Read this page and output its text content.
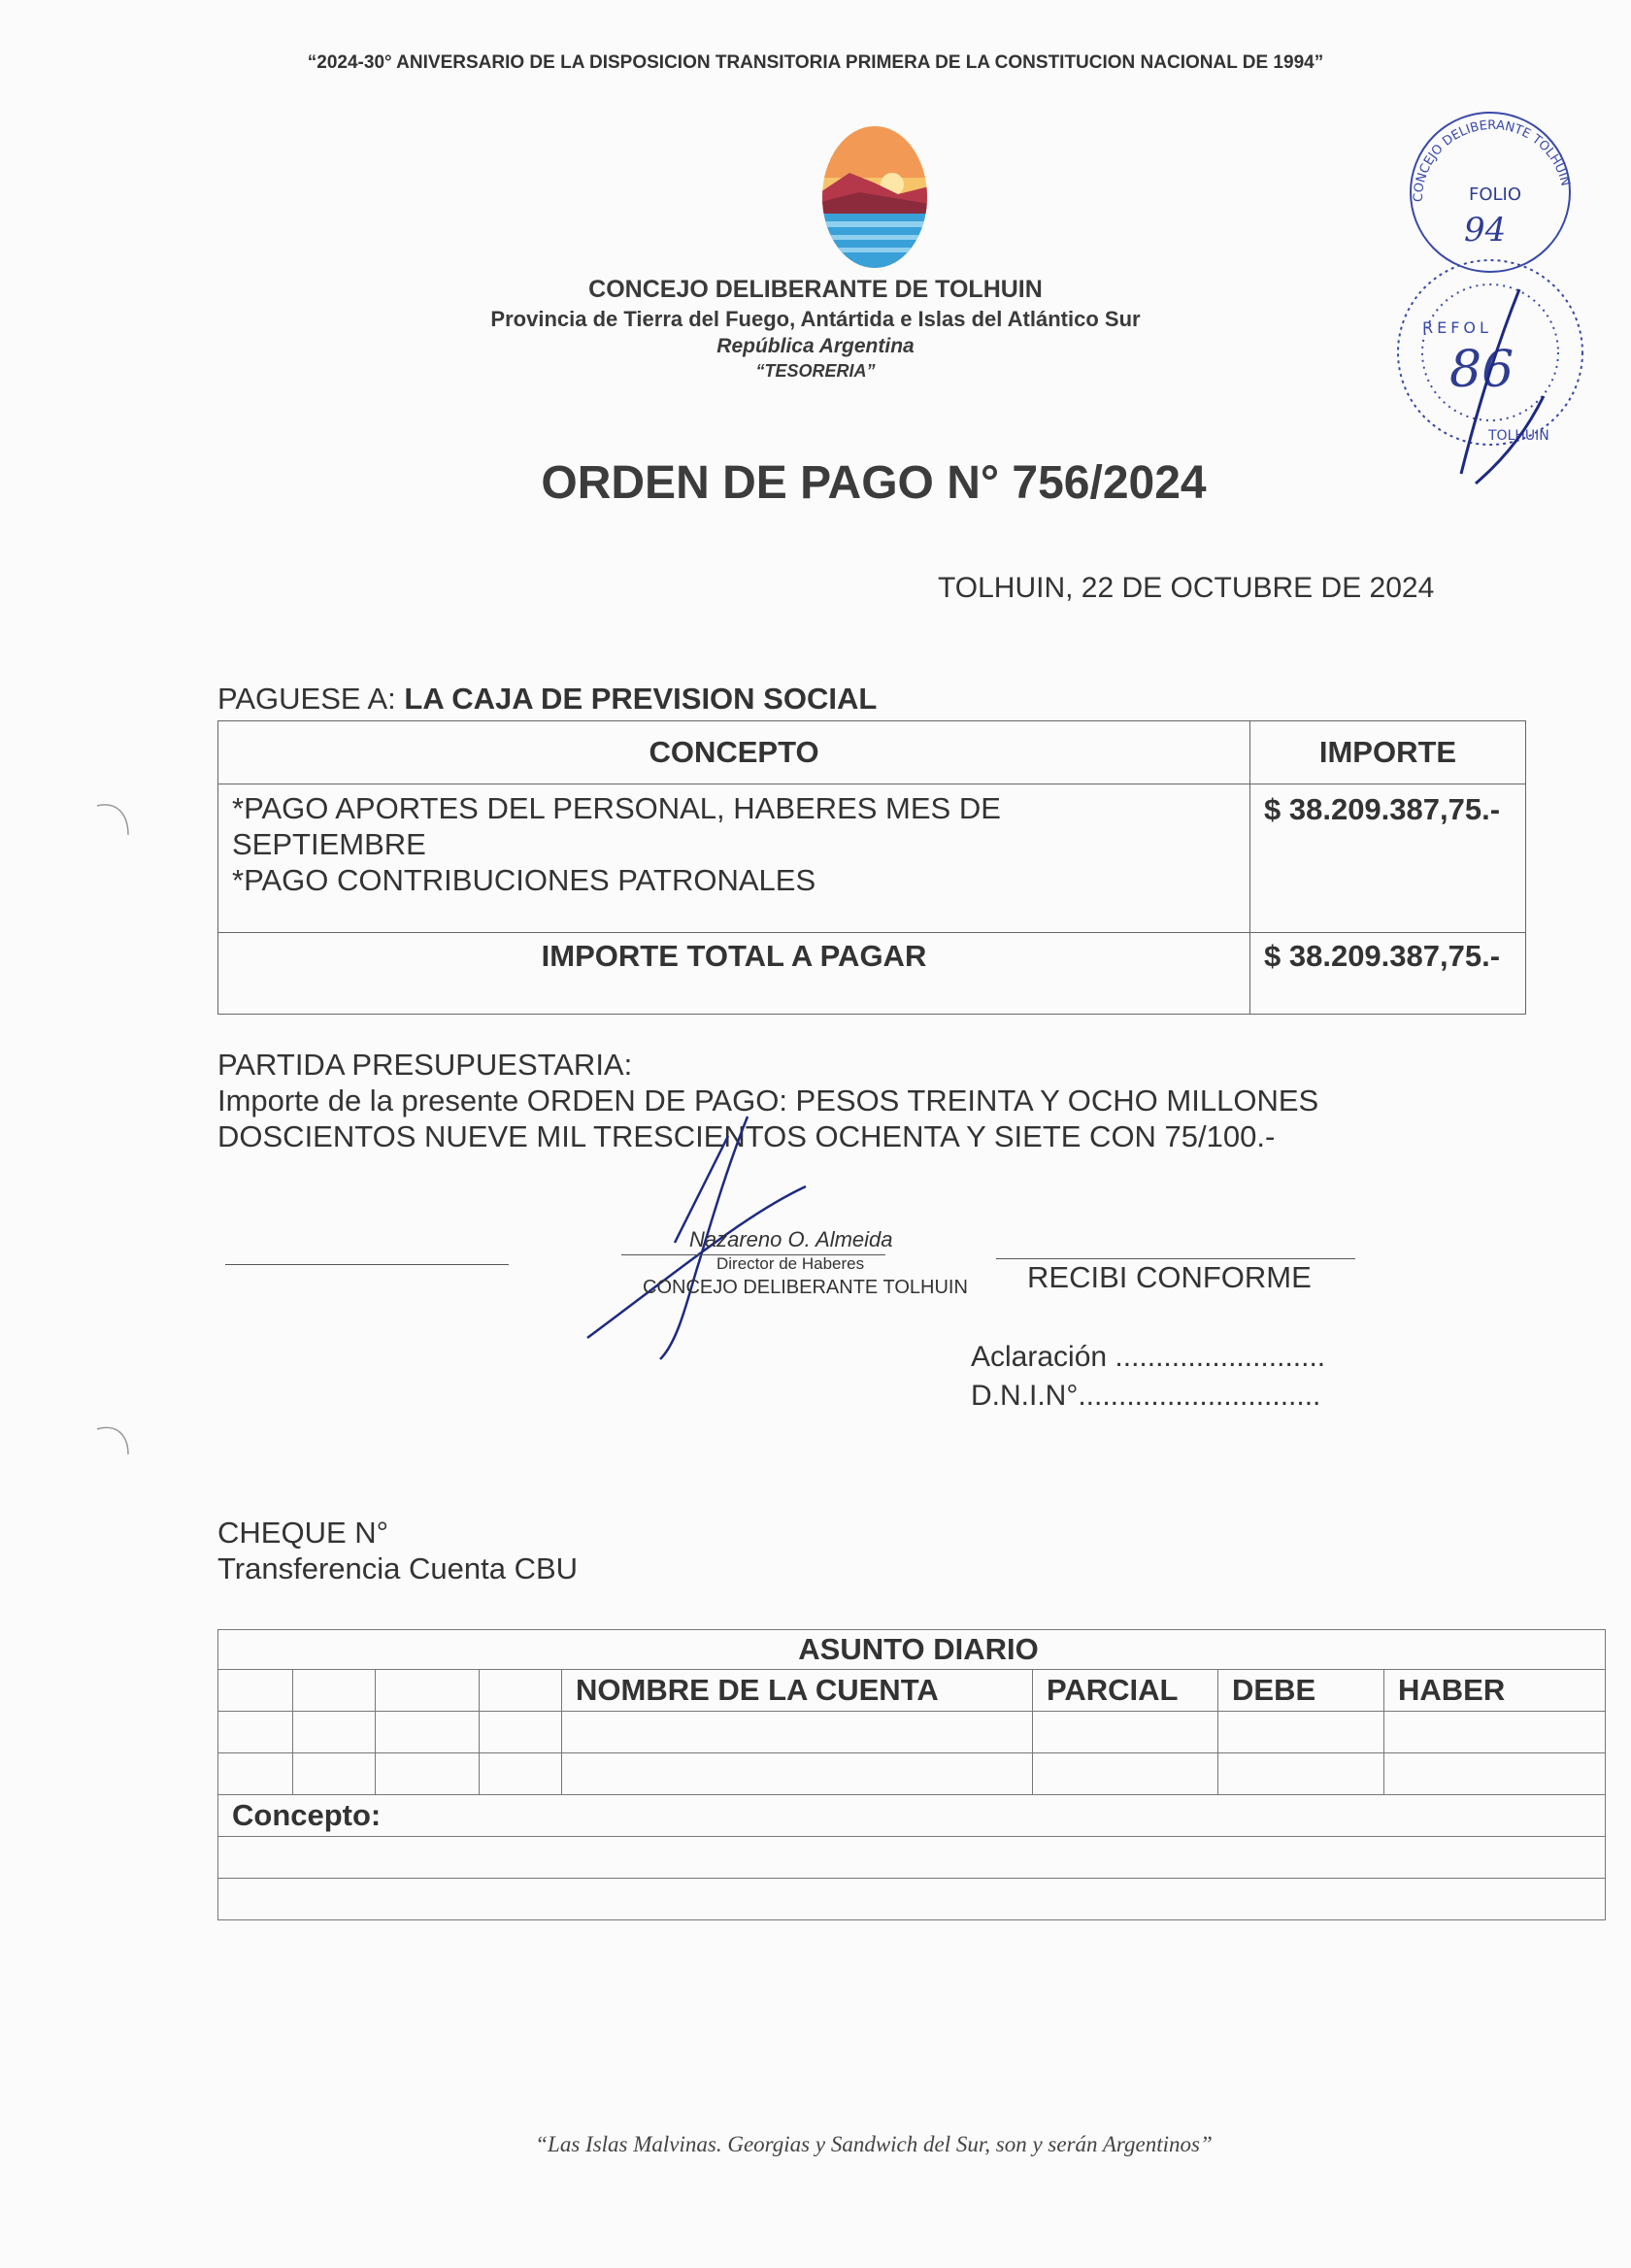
“2024-30° ANIVERSARIO DE LA DISPOSICION TRANSITORIA PRIMERA DE LA CONSTITUCION NACIONAL DE 1994”
CONCEJO DELIBERANTE DE TOLHUIN
Provincia de Tierra del Fuego, Antártida e Islas del Atlántico Sur
República Argentina
“TESORERIA”
CONCEJO DELIBERANTE TOLHUIN
FOLIO
94
REFOL
86
TOLHUIN
ORDEN DE PAGO N° 756/2024
TOLHUIN, 22 DE OCTUBRE DE 2024
PAGUESE A: LA CAJA DE PREVISION SOCIAL
CONCEPTO	IMPORTE

*PAGO APORTES DEL PERSONAL, HABERES MES DE
SEPTIEMBRE
*PAGO CONTRIBUCIONES PATRONALES	$ 38.209.387,75.-
IMPORTE TOTAL A PAGAR	$ 38.209.387,75.-
PARTIDA PRESUPUESTARIA:
Importe de la presente ORDEN DE PAGO: PESOS TREINTA Y OCHO MILLONES
DOSCIENTOS NUEVE MIL TRESCIENTOS OCHENTA Y SIETE CON 75/100.-
Nazareno O. Almeida
Director de Haberes
CONCEJO DELIBERANTE TOLHUIN RECIBI CONFORME
Aclaración ..........................
D.N.I.N°..............................
CHEQUE N°
Transferencia Cuenta CBU
ASUNTO DIARIO							
				NOMBRE DE LA CUENTA	PARCIAL	DEBE	HABER

Concepto:							

“Las Islas Malvinas. Georgias y Sandwich del Sur, son y serán Argentinos”
